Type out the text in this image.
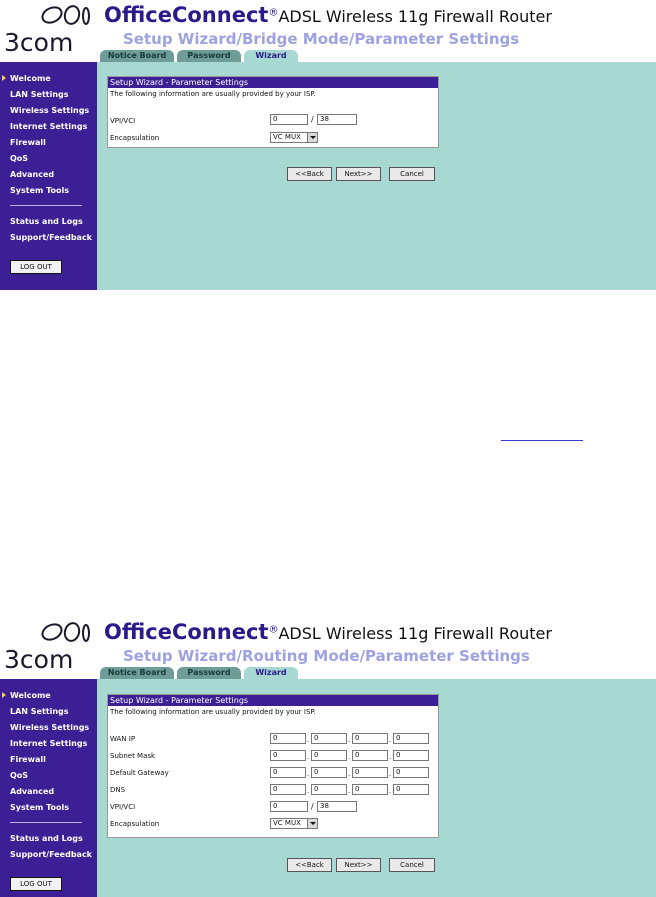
3com
OfficeConnect®ADSL Wireless 11g Firewall Router
Setup Wizard/Bridge Mode/Parameter Settings
Notice Board	Password	Wizard
Welcome
LAN Settings
Wireless Settings
Internet Settings
Firewall
QoS
Advanced
System Tools
Status and Logs
Support/Feedback
LOG OUT
Setup Wizard - Parameter Settings
The following information are usually provided by your ISP.
VPI/VCI	0	/ 38
Encapsulation	VC MUX
<<Back	Next>>	Cancel
3com
OfficeConnect®ADSL Wireless 11g Firewall Router
Setup Wizard/Routing Mode/Parameter Settings
Notice Board	Password	Wizard
Welcome
LAN Settings
Wireless Settings
Internet Settings
Firewall
QoS
Advanced
System Tools
Status and Logs
Support/Feedback
LOG OUT
Setup Wizard - Parameter Settings
The following information are usually provided by your ISP.
WAN IP	0	. 0	. 0	. 0
Subnet Mask	0	. 0	. 0	. 0
Default Gateway	0	. 0	. 0	. 0
DNS	0	. 0	. 0	. 0
VPI/VCI	0	/ 38
Encapsulation	VC MUX
<<Back	Next>>	Cancel
